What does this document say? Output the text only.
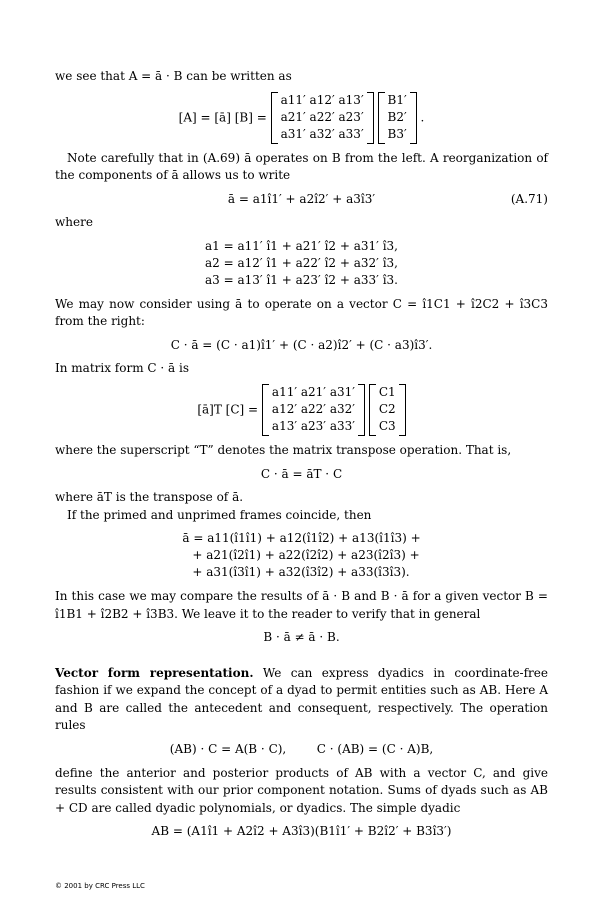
we see that A = ā · B can be written as

[A] = [ā] [B] =
a11′ a12′ a13′
a21′ a22′ a23′
a31′ a32′ a33′

B1′
B2′
B3′
.

Note carefully that in (A.69) ā operates on B from the left. A reorganization of the components of ā allows us to write

ā = a1î1′ + a2î2′ + a3î3′	(A.71)

where

a1 = a11′ î1 + a21′ î2 + a31′ î3,
a2 = a12′ î1 + a22′ î2 + a32′ î3,
a3 = a13′ î1 + a23′ î2 + a33′ î3.

We may now consider using ā to operate on a vector C = î1C1 + î2C2 + î3C3 from the right:

C · ā = (C · a1)î1′ + (C · a2)î2′ + (C · a3)î3′.

In matrix form C · ā is

[ā]T [C] =
a11′ a21′ a31′
a12′ a22′ a32′
a13′ a23′ a33′

C1
C2
C3

where the superscript “T” denotes the matrix transpose operation. That is,

C · ā = āT · C

where āT is the transpose of ā.

If the primed and unprimed frames coincide, then

ā = a11(î1î1) + a12(î1î2) + a13(î1î3) +
+ a21(î2î1) + a22(î2î2) + a23(î2î3) +
+ a31(î3î1) + a32(î3î2) + a33(î3î3).

In this case we may compare the results of ā · B and B · ā for a given vector B = î1B1 + î2B2 + î3B3. We leave it to the reader to verify that in general

B · ā ≠ ā · B.

Vector form representation. We can express dyadics in coordinate-free fashion if we expand the concept of a dyad to permit entities such as AB. Here A and B are called the antecedent and consequent, respectively. The operation rules

(AB) · C = A(B · C),        C · (AB) = (C · A)B,

define the anterior and posterior products of AB with a vector C, and give results consistent with our prior component notation. Sums of dyads such as AB + CD are called dyadic polynomials, or dyadics. The simple dyadic

AB = (A1î1 + A2î2 + A3î3)(B1î1′ + B2î2′ + B3î3′)
© 2001 by CRC Press LLC
